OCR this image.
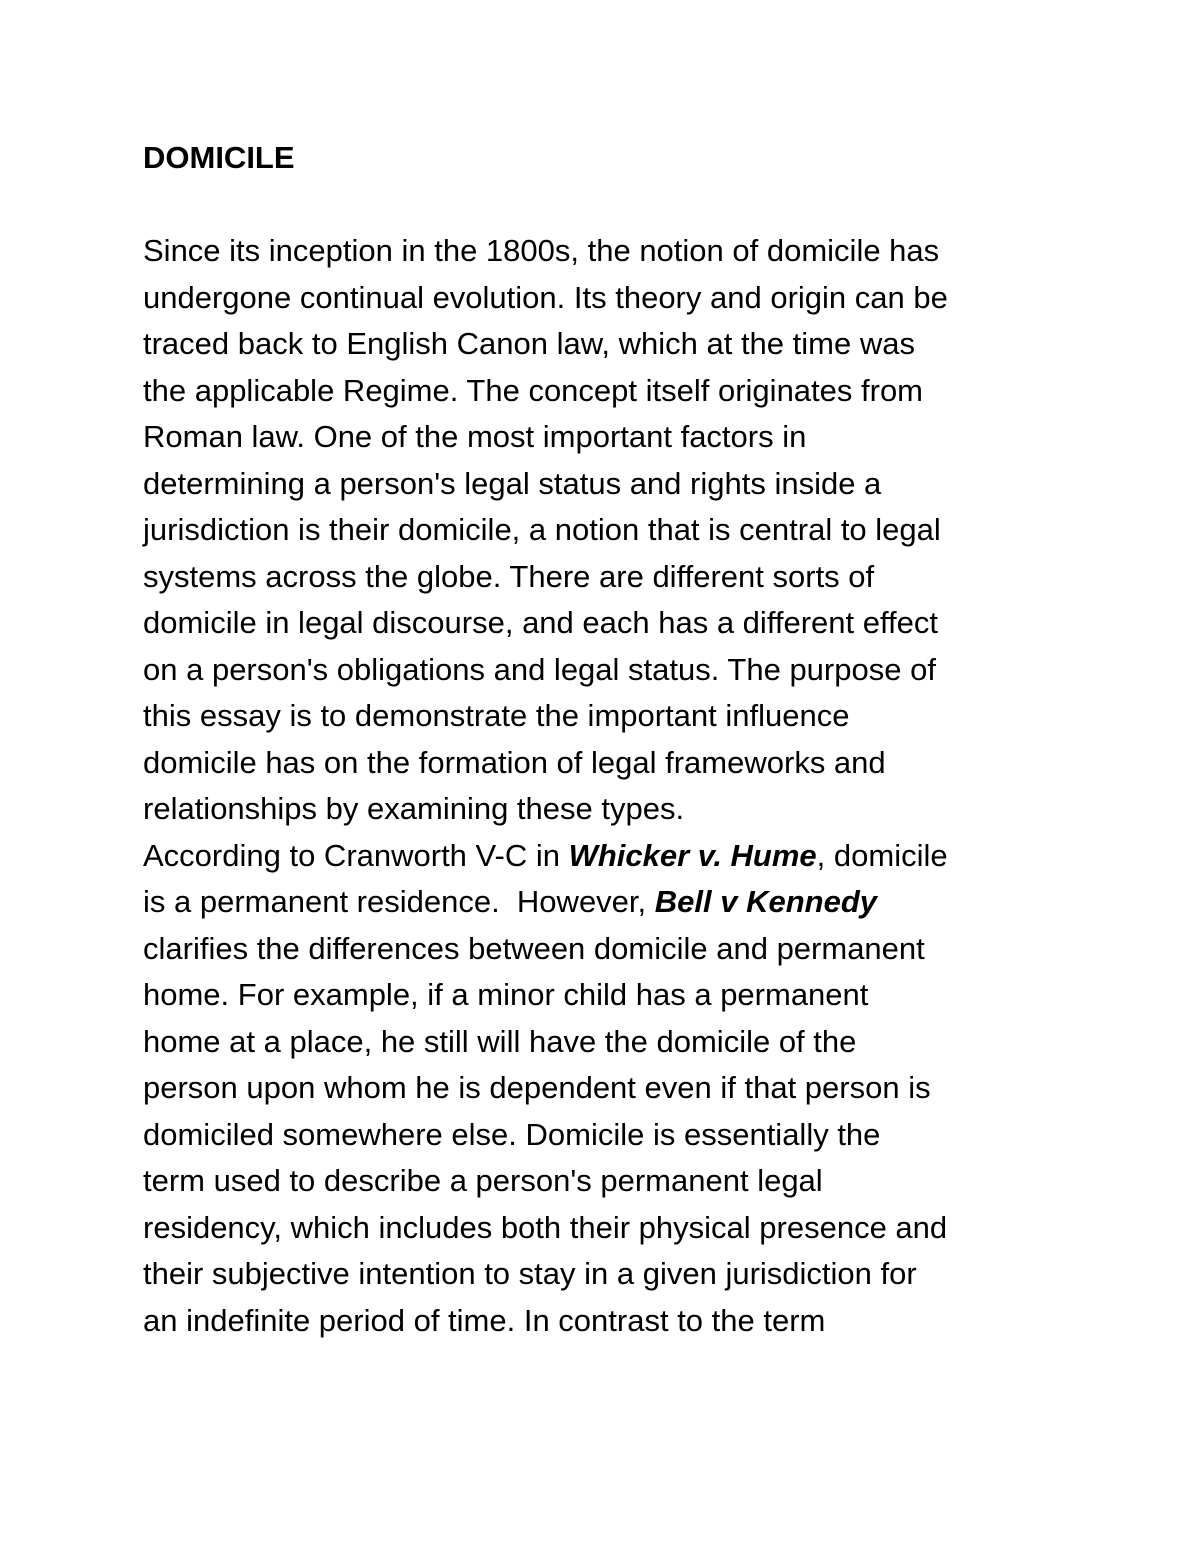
DOMICILE
Since its inception in the 1800s, the notion of domicile has
undergone continual evolution. Its theory and origin can be
traced back to English Canon law, which at the time was
the applicable Regime. The concept itself originates from
Roman law. One of the most important factors in
determining a person's legal status and rights inside a
jurisdiction is their domicile, a notion that is central to legal
systems across the globe. There are different sorts of
domicile in legal discourse, and each has a different effect
on a person's obligations and legal status. The purpose of
this essay is to demonstrate the important influence
domicile has on the formation of legal frameworks and
relationships by examining these types.
According to Cranworth V-C in Whicker v. Hume, domicile
is a permanent residence.  However, Bell v Kennedy
clarifies the differences between domicile and permanent
home. For example, if a minor child has a permanent
home at a place, he still will have the domicile of the
person upon whom he is dependent even if that person is
domiciled somewhere else. Domicile is essentially the
term used to describe a person's permanent legal
residency, which includes both their physical presence and
their subjective intention to stay in a given jurisdiction for
an indefinite period of time. In contrast to the term
